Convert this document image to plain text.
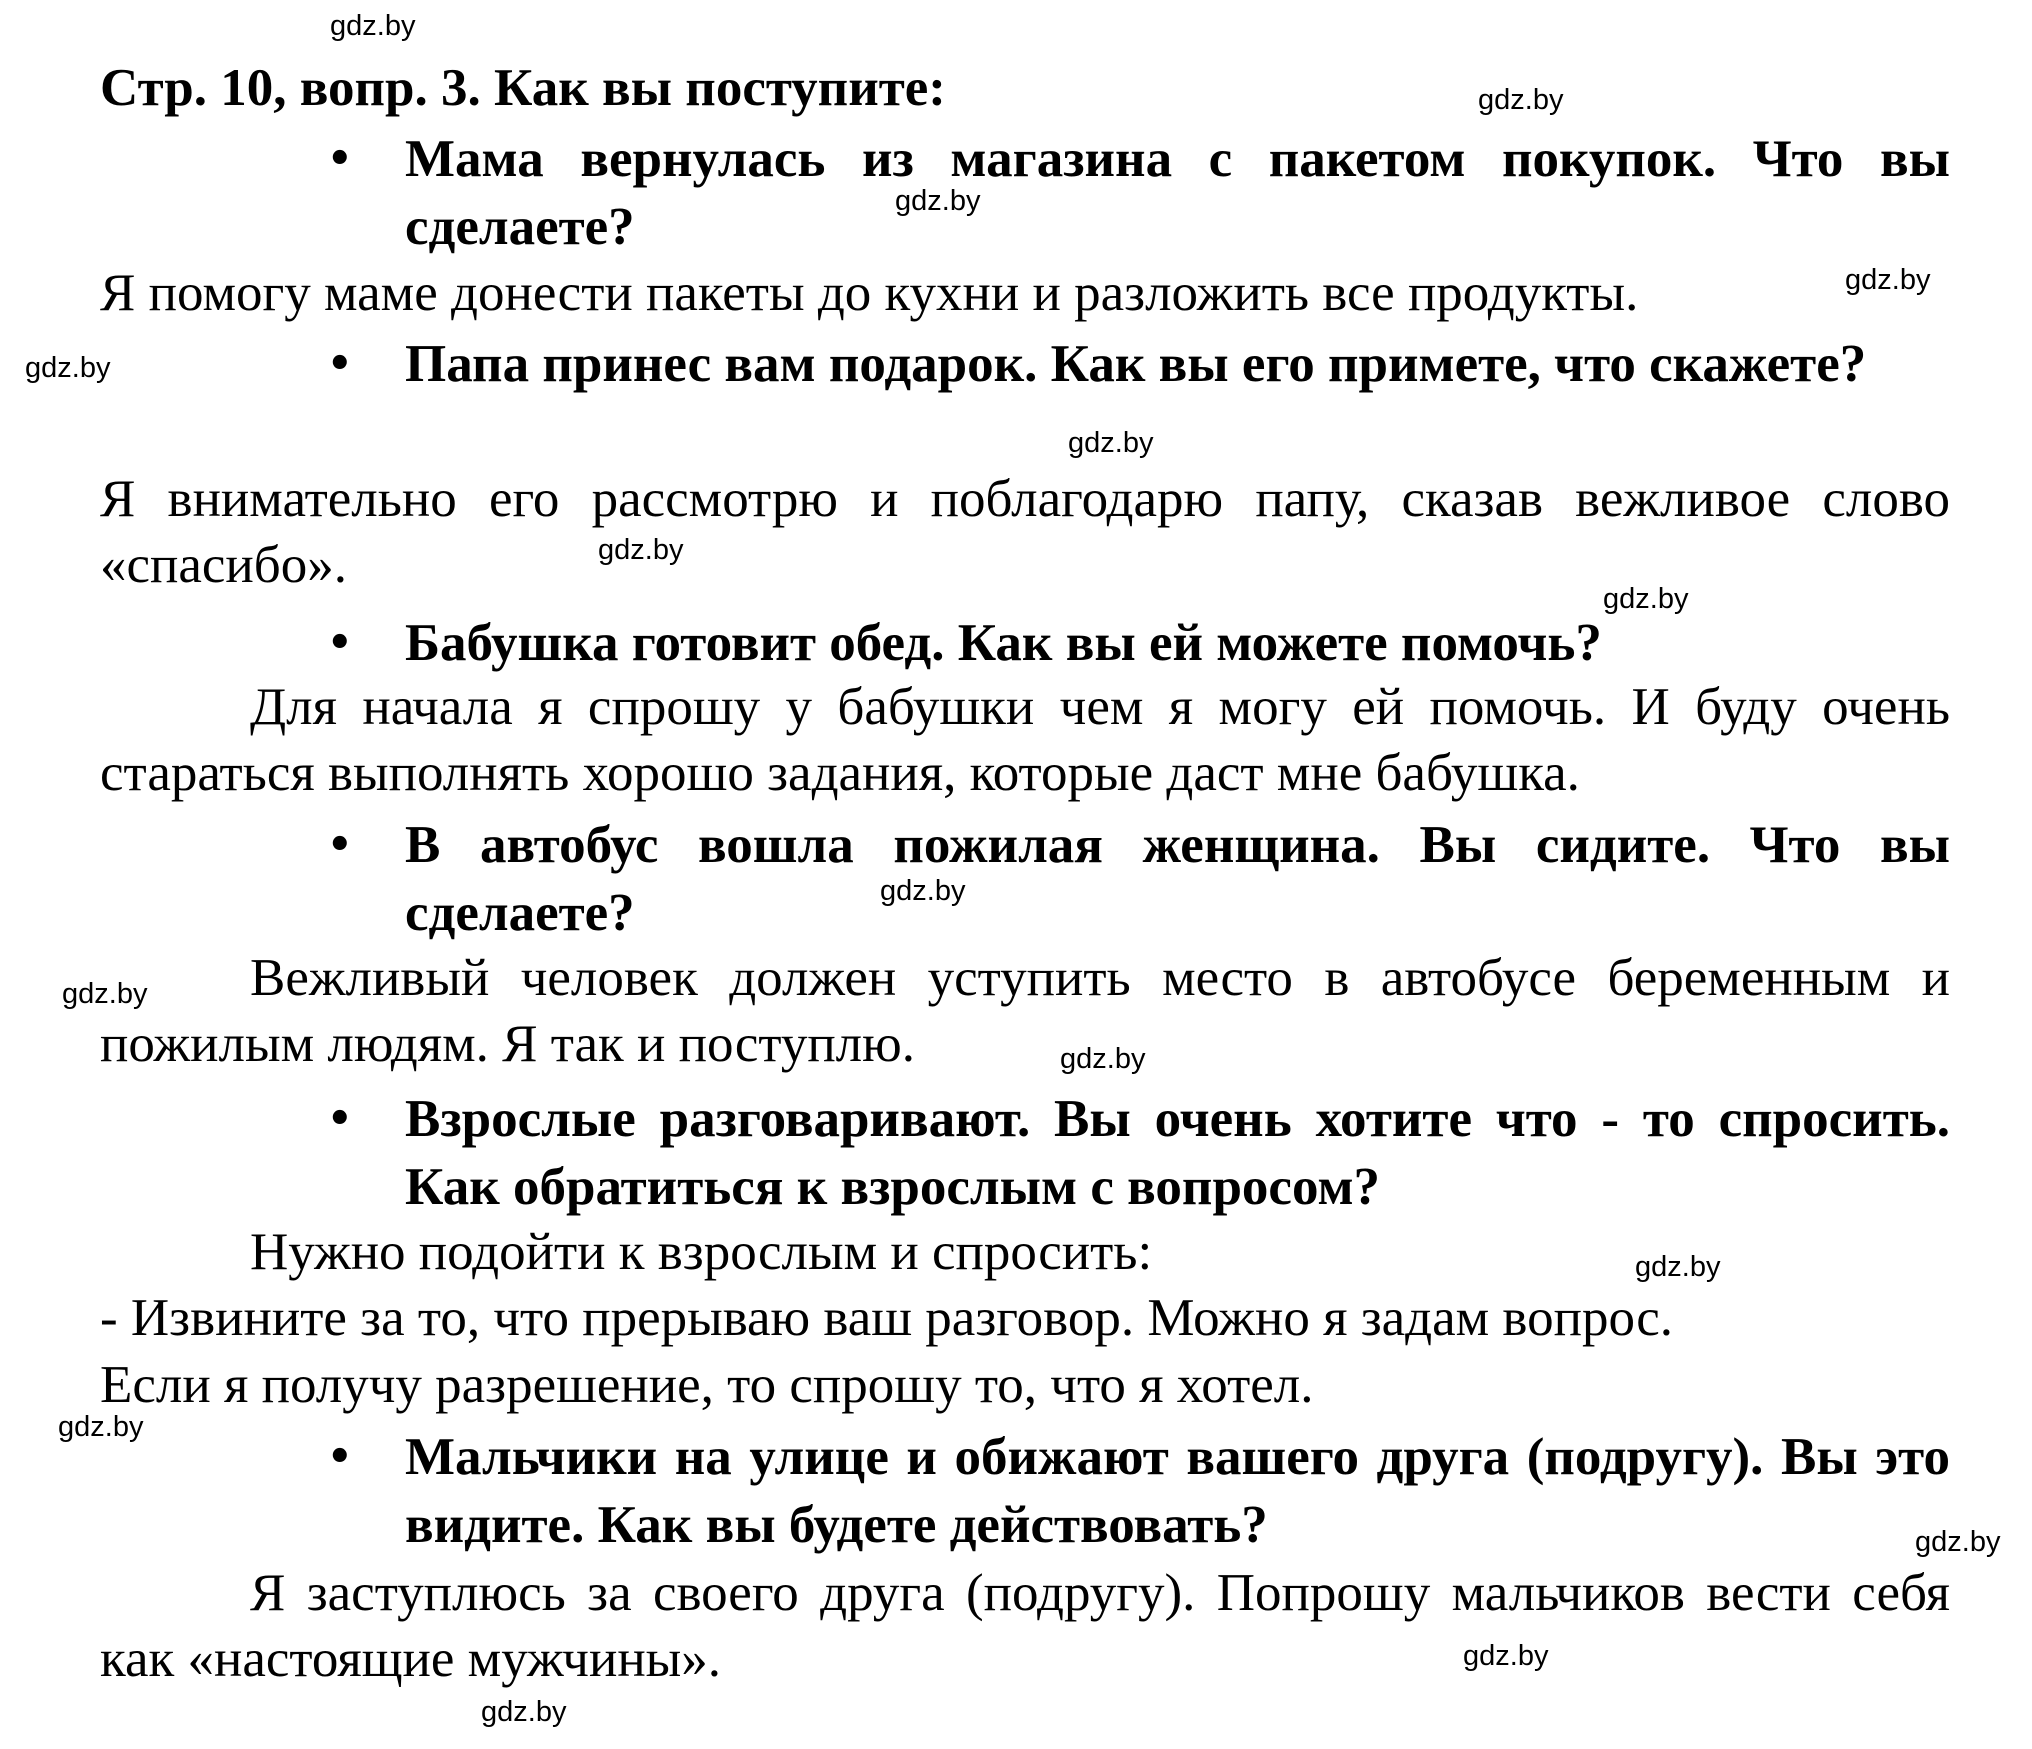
gdz.by
gdz.by
gdz.by
gdz.by
gdz.by
gdz.by
gdz.by
gdz.by
gdz.by
gdz.by
gdz.by
gdz.by
gdz.by
gdz.by
gdz.by
gdz.by
Стр. 10, вопр. 3. Как вы поступите:
• Мама вернулась из магазина с пакетом покупок. Что вы сделаете?
Я помогу маме донести пакеты до кухни и разложить все продукты.
• Папа принес вам подарок. Как вы его примете, что скажете?
Я внимательно его рассмотрю и поблагодарю папу, сказав вежливое слово «спасибо».
• Бабушка готовит обед. Как вы ей можете помочь?
Для начала я спрошу у бабушки чем я могу ей помочь. И буду очень стараться выполнять хорошо задания, которые даст мне бабушка.
• В автобус вошла пожилая женщина. Вы сидите. Что вы сделаете?
Вежливый человек должен уступить место в автобусе беременным и пожилым людям. Я так и поступлю.
• Взрослые разговаривают. Вы очень хотите что - то спросить. Как обратиться к взрослым с вопросом?
Нужно подойти к взрослым и спросить:
- Извините за то, что прерываю ваш разговор. Можно я задам вопрос.
Если я получу разрешение, то спрошу то, что я хотел.
• Мальчики на улице и обижают вашего друга (подругу). Вы это видите. Как вы будете действовать?
Я заступлюсь за своего друга (подругу). Попрошу мальчиков вести себя как «настоящие мужчины».
